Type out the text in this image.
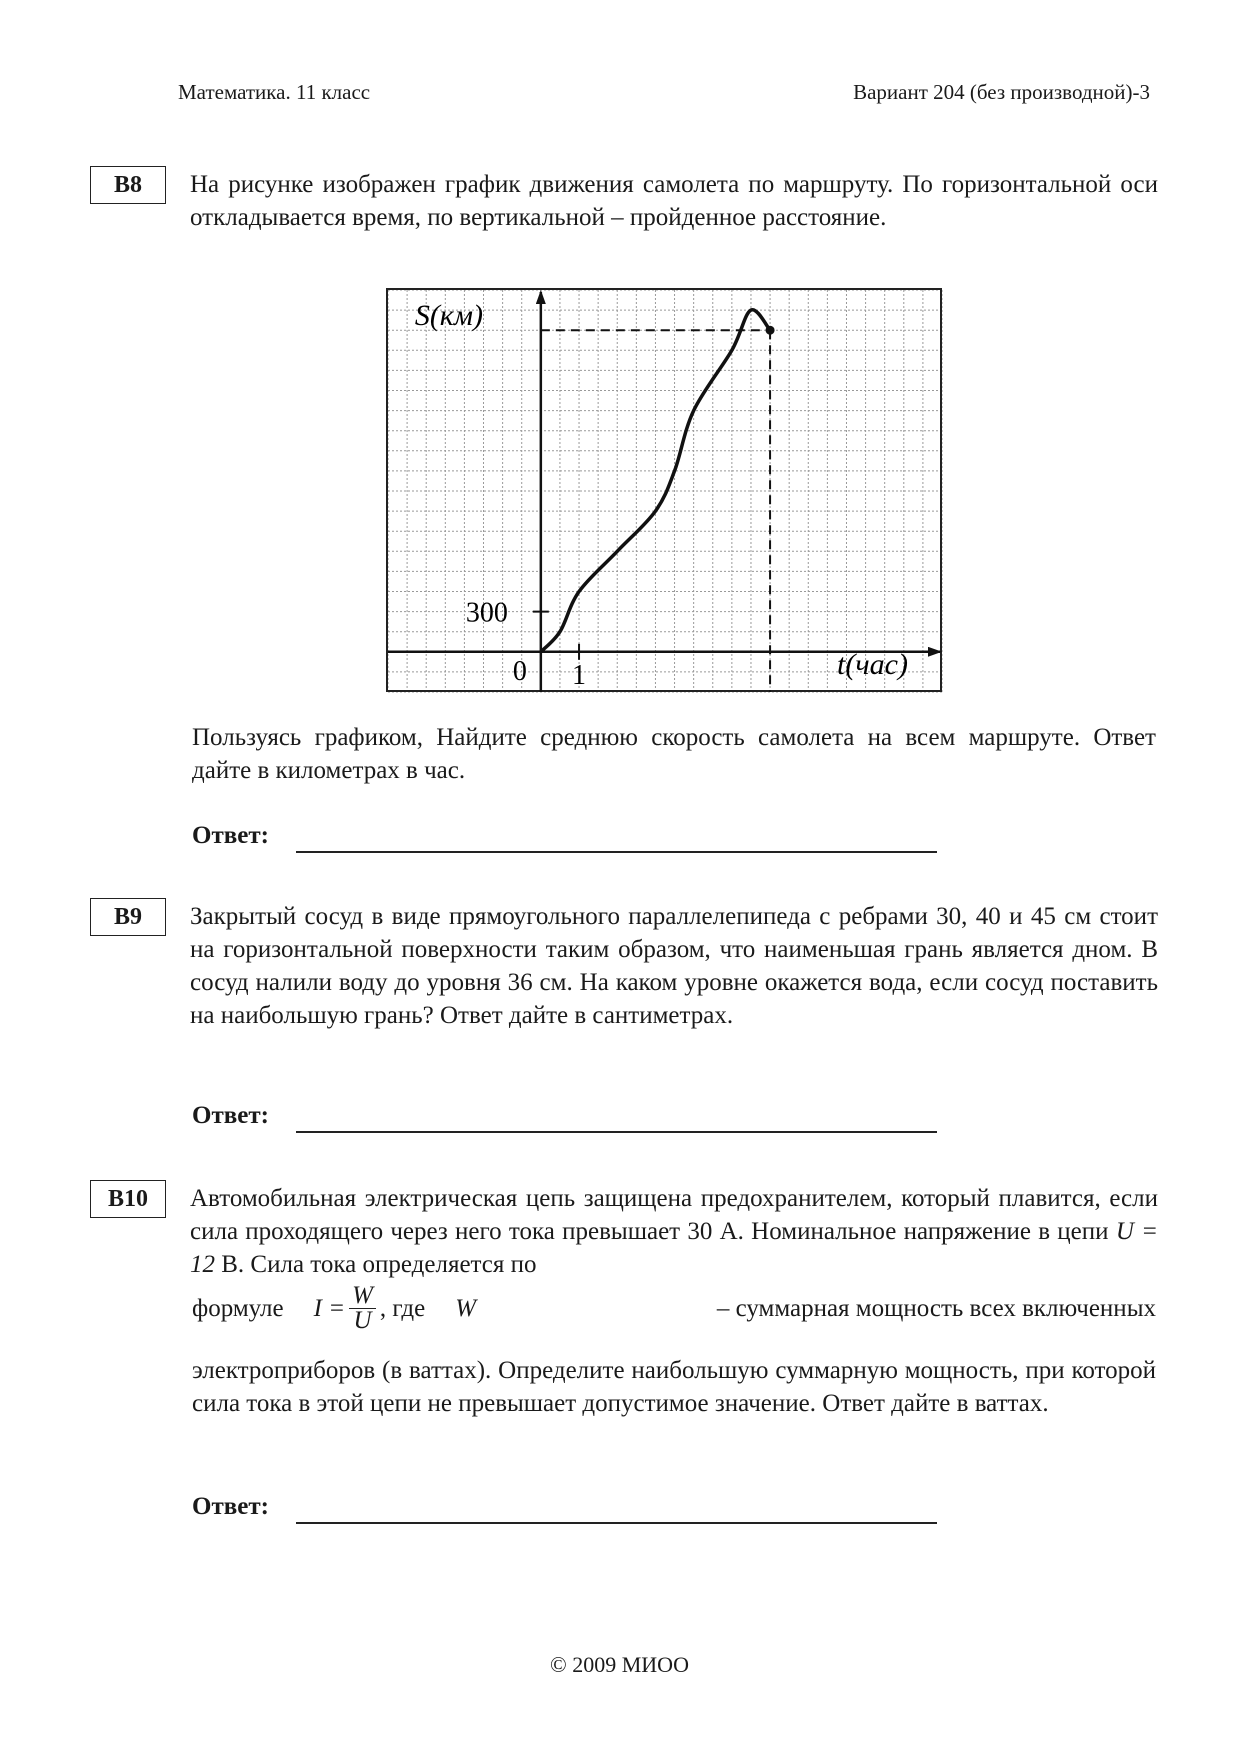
Математика. 11 класс	Вариант 204 (без производной)-3
B8	На рисунке изображен график движения самолета по маршруту. По горизонтальной оси откладывается время, по вертикальной – пройденное расстояние.
S(км)
t(час)
0 1
300
Пользуясь графиком, Найдите среднюю скорость самолета на всем маршруте. Ответ дайте в километрах в час.
Ответ:
B9	Закрытый сосуд в виде прямоугольного параллелепипеда с ребрами 30, 40 и 45 см стоит на горизонтальной поверхности таким образом, что наименьшая грань является дном. В сосуд налили воду до уровня 36 см. На каком уровне окажется вода, если сосуд поставить на наибольшую грань? Ответ дайте в сантиметрах.
Ответ:
B10	Автомобильная электрическая цепь защищена предохранителем, который плавится, если сила проходящего через него тока превышает 30 А. Номинальное напряжение в цепи U = 12 В. Сила тока определяется по
формуле $I = \frac{W}{U}$ , где W	– суммарная мощность всех включенных
электроприборов (в ваттах). Определите наибольшую суммарную мощность, при которой сила тока в этой цепи не превышает допустимое значение. Ответ дайте в ваттах.
Ответ:
© 2009 МИОО
